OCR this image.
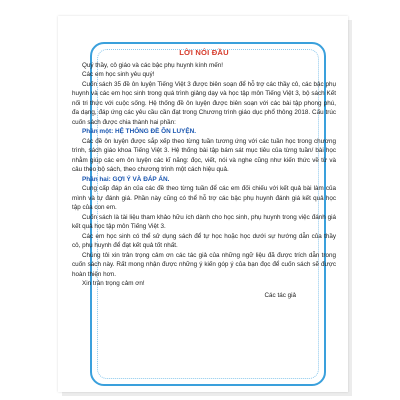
LỜI NÓI ĐẦU

Quý thầy, cô giáo và các bậc phụ huynh kính mến!

Các em học sinh yêu quý!

Cuốn sách 35 đề ôn luyện Tiếng Việt 3 được biên soạn để hỗ trợ các thầy cô, các bậc phụ huynh và các em học sinh trong quá trình giảng dạy và học tập môn Tiếng Việt 3, bộ sách Kết nối tri thức với cuộc sống. Hệ thống đề ôn luyện được biên soạn với các bài tập phong phú, đa dạng, đáp ứng các yêu cầu cần đạt trong Chương trình giáo dục phổ thông 2018. Cấu trúc cuốn sách được chia thành hai phần:

Phần một: HỆ THỐNG ĐỀ ÔN LUYỆN.

Các đề ôn luyện được sắp xếp theo từng tuần tương ứng với các tuần học trong chương trình, sách giáo khoa Tiếng Việt 3. Hệ thống bài tập bám sát mục tiêu của từng tuần/ bài học nhằm giúp các em ôn luyện các kĩ năng: đọc, viết, nói và nghe cũng như kiến thức về từ và câu theo bộ sách, theo chương trình một cách hiệu quả.

Phần hai: GỢI Ý VÀ ĐÁP ÁN.

Cung cấp đáp án của các đề theo từng tuần để các em đối chiếu với kết quả bài làm của mình và tự đánh giá. Phần này cũng có thể hỗ trợ các bậc phụ huynh đánh giá kết quả học tập của con em.

Cuốn sách là tài liệu tham khảo hữu ích dành cho học sinh, phụ huynh trong việc đánh giá kết quả học tập môn Tiếng Việt 3.

Các em học sinh có thể sử dụng sách để tự học hoặc học dưới sự hướng dẫn của thầy cô, phụ huynh để đạt kết quả tốt nhất.

Chúng tôi xin trân trọng cảm ơn các tác giả của những ngữ liệu đã được trích dẫn trong cuốn sách này. Rất mong nhận được những ý kiến góp ý của bạn đọc để cuốn sách sẽ được hoàn thiện hơn.

Xin trân trọng cảm ơn!

Các tác giả
